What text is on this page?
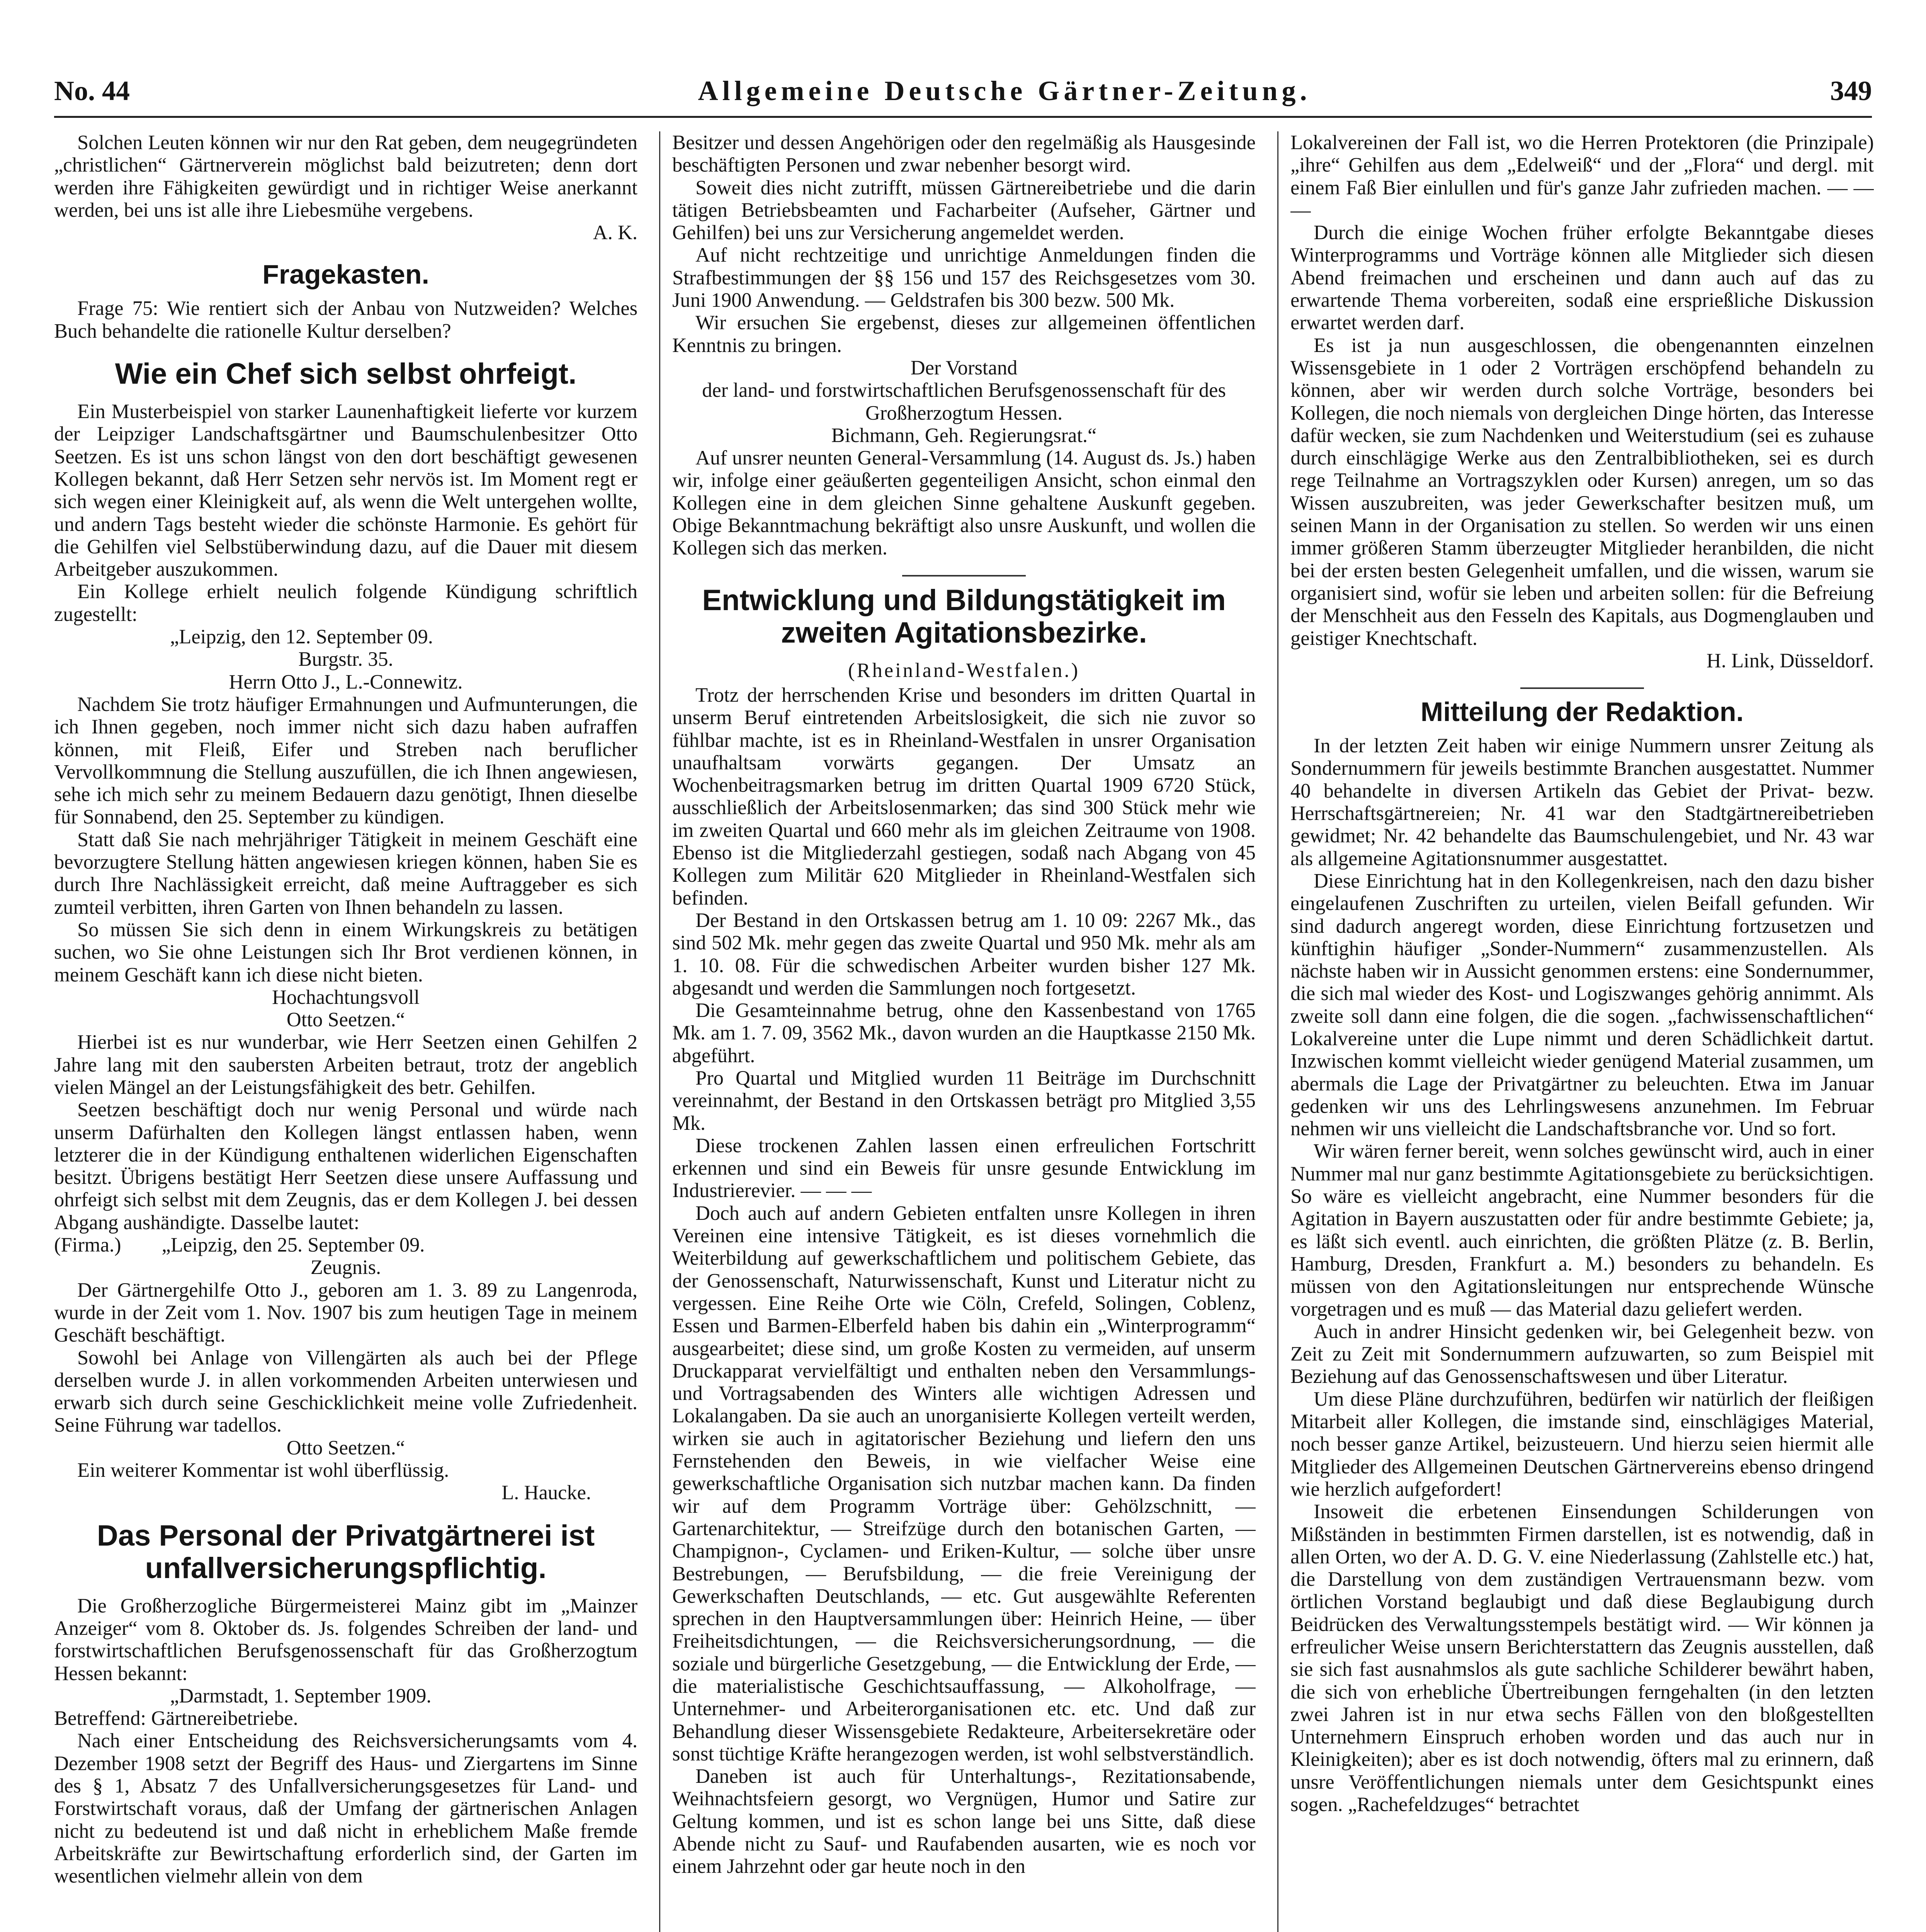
No. 44	Allgemeine Deutsche Gärtner-Zeitung.	349

Solchen Leuten können wir nur den Rat geben, dem neugegründeten „christlichen“ Gärtnerverein möglichst bald beizutreten; denn dort werden ihre Fähigkeiten gewürdigt und in richtiger Weise anerkannt werden, bei uns ist alle ihre Liebesmühe vergebens.

A. K.

Fragekasten.

Frage 75: Wie rentiert sich der Anbau von Nutzweiden? Welches Buch behandelte die rationelle Kultur derselben?

Wie ein Chef sich selbst ohrfeigt.

Ein Musterbeispiel von starker Launenhaftigkeit lieferte vor kurzem der Leipziger Landschaftsgärtner und Baumschulenbesitzer Otto Seetzen. Es ist uns schon längst von den dort beschäftigt gewesenen Kollegen bekannt, daß Herr Setzen sehr nervös ist. Im Moment regt er sich wegen einer Kleinigkeit auf, als wenn die Welt untergehen wollte, und andern Tags besteht wieder die schönste Harmonie. Es gehört für die Gehilfen viel Selbstüberwindung dazu, auf die Dauer mit diesem Arbeitgeber auszukommen.

Ein Kollege erhielt neulich folgende Kündigung schriftlich zugestellt:

„Leipzig, den 12. September 09.

Burgstr. 35.

Herrn Otto J., L.-Connewitz.

Nachdem Sie trotz häufiger Ermahnungen und Aufmunterungen, die ich Ihnen gegeben, noch immer nicht sich dazu haben aufraffen können, mit Fleiß, Eifer und Streben nach beruflicher Vervollkommnung die Stellung auszufüllen, die ich Ihnen angewiesen, sehe ich mich sehr zu meinem Bedauern dazu genötigt, Ihnen dieselbe für Sonnabend, den 25. September zu kündigen.

Statt daß Sie nach mehrjähriger Tätigkeit in meinem Geschäft eine bevorzugtere Stellung hätten angewiesen kriegen können, haben Sie es durch Ihre Nachlässigkeit erreicht, daß meine Auftraggeber es sich zumteil verbitten, ihren Garten von Ihnen behandeln zu lassen.

So müssen Sie sich denn in einem Wirkungskreis zu betätigen suchen, wo Sie ohne Leistungen sich Ihr Brot verdienen können, in meinem Geschäft kann ich diese nicht bieten.

Hochachtungsvoll

Otto Seetzen.“

Hierbei ist es nur wunderbar, wie Herr Seetzen einen Gehilfen 2 Jahre lang mit den saubersten Arbeiten betraut, trotz der angeblich vielen Mängel an der Leistungsfähigkeit des betr. Gehilfen.

Seetzen beschäftigt doch nur wenig Personal und würde nach unserm Dafürhalten den Kollegen längst entlassen haben, wenn letzterer die in der Kündigung enthaltenen widerlichen Eigenschaften besitzt. Übrigens bestätigt Herr Seetzen diese unsere Auffassung und ohrfeigt sich selbst mit dem Zeugnis, das er dem Kollegen J. bei dessen Abgang aushändigte. Dasselbe lautet:

(Firma.)        „Leipzig, den 25. September 09.

Zeugnis.

Der Gärtnergehilfe Otto J., geboren am 1. 3. 89 zu Langenroda, wurde in der Zeit vom 1. Nov. 1907 bis zum heutigen Tage in meinem Geschäft beschäftigt.

Sowohl bei Anlage von Villengärten als auch bei der Pflege derselben wurde J. in allen vorkommenden Arbeiten unterwiesen und erwarb sich durch seine Geschicklichkeit meine volle Zufriedenheit. Seine Führung war tadellos.

Otto Seetzen.“

Ein weiterer Kommentar ist wohl überflüssig.

L. Haucke.

Das Personal der Privatgärtnerei ist unfallversicherungspflichtig.

Die Großherzogliche Bürgermeisterei Mainz gibt im „Mainzer Anzeiger“ vom 8. Oktober ds. Js. folgendes Schreiben der land- und forstwirtschaftlichen Berufsgenossenschaft für das Großherzogtum Hessen bekannt:

„Darmstadt, 1. September 1909.

Betreffend: Gärtnereibetriebe.

Nach einer Entscheidung des Reichsversicherungsamts vom 4. Dezember 1908 setzt der Begriff des Haus- und Ziergartens im Sinne des § 1, Absatz 7 des Unfallversicherungsgesetzes für Land- und Forstwirtschaft voraus, daß der Umfang der gärtnerischen Anlagen nicht zu bedeutend ist und daß nicht in erheblichem Maße fremde Arbeitskräfte zur Bewirtschaftung erforderlich sind, der Garten im wesentlichen vielmehr allein von dem

Besitzer und dessen Angehörigen oder den regelmäßig als Hausgesinde beschäftigten Personen und zwar nebenher besorgt wird.

Soweit dies nicht zutrifft, müssen Gärtnereibetriebe und die darin tätigen Betriebsbeamten und Facharbeiter (Aufseher, Gärtner und Gehilfen) bei uns zur Versicherung angemeldet werden.

Auf nicht rechtzeitige und unrichtige Anmeldungen finden die Strafbestimmungen der §§ 156 und 157 des Reichsgesetzes vom 30. Juni 1900 Anwendung. — Geldstrafen bis 300 bezw. 500 Mk.

Wir ersuchen Sie ergebenst, dieses zur allgemeinen öffentlichen Kenntnis zu bringen.

Der Vorstand

der land- und forstwirtschaftlichen Berufsgenossenschaft für des Großherzogtum Hessen.

Bichmann, Geh. Regierungsrat.“

Auf unsrer neunten General-Versammlung (14. August ds. Js.) haben wir, infolge einer geäußerten gegenteiligen Ansicht, schon einmal den Kollegen eine in dem gleichen Sinne gehaltene Auskunft gegeben. Obige Bekanntmachung bekräftigt also unsre Auskunft, und wollen die Kollegen sich das merken.

Entwicklung und Bildungstätigkeit im zweiten Agitationsbezirke.

(Rheinland-Westfalen.)

Trotz der herrschenden Krise und besonders im dritten Quartal in unserm Beruf eintretenden Arbeitslosigkeit, die sich nie zuvor so fühlbar machte, ist es in Rheinland-Westfalen in unsrer Organisation unaufhaltsam vorwärts gegangen. Der Umsatz an Wochenbeitragsmarken betrug im dritten Quartal 1909 6720 Stück, ausschließlich der Arbeitslosenmarken; das sind 300 Stück mehr wie im zweiten Quartal und 660 mehr als im gleichen Zeitraume von 1908. Ebenso ist die Mitgliederzahl gestiegen, sodaß nach Abgang von 45 Kollegen zum Militär 620 Mitglieder in Rheinland-Westfalen sich befinden.

Der Bestand in den Ortskassen betrug am 1. 10 09: 2267 Mk., das sind 502 Mk. mehr gegen das zweite Quartal und 950 Mk. mehr als am 1. 10. 08. Für die schwedischen Arbeiter wurden bisher 127 Mk. abgesandt und werden die Sammlungen noch fortgesetzt.

Die Gesamteinnahme betrug, ohne den Kassenbestand von 1765 Mk. am 1. 7. 09, 3562 Mk., davon wurden an die Hauptkasse 2150 Mk. abgeführt.

Pro Quartal und Mitglied wurden 11 Beiträge im Durchschnitt vereinnahmt, der Bestand in den Ortskassen beträgt pro Mitglied 3,55 Mk.

Diese trockenen Zahlen lassen einen erfreulichen Fortschritt erkennen und sind ein Beweis für unsre gesunde Entwicklung im Industrierevier. — — —

Doch auch auf andern Gebieten entfalten unsre Kollegen in ihren Vereinen eine intensive Tätigkeit, es ist dieses vornehmlich die Weiterbildung auf gewerkschaftlichem und politischem Gebiete, das der Genossenschaft, Naturwissenschaft, Kunst und Literatur nicht zu vergessen. Eine Reihe Orte wie Cöln, Crefeld, Solingen, Coblenz, Essen und Barmen-Elberfeld haben bis dahin ein „Winterprogramm“ ausgearbeitet; diese sind, um große Kosten zu vermeiden, auf unserm Druckapparat vervielfältigt und enthalten neben den Versammlungs- und Vortragsabenden des Winters alle wichtigen Adressen und Lokalangaben. Da sie auch an unorganisierte Kollegen verteilt werden, wirken sie auch in agitatorischer Beziehung und liefern den uns Fernstehenden den Beweis, in wie vielfacher Weise eine gewerkschaftliche Organisation sich nutzbar machen kann. Da finden wir auf dem Programm Vorträge über: Gehölzschnitt, — Gartenarchitektur, — Streifzüge durch den botanischen Garten, — Champignon-, Cyclamen- und Eriken-Kultur, — solche über unsre Bestrebungen, — Berufsbildung, — die freie Vereinigung der Gewerkschaften Deutschlands, — etc. Gut ausgewählte Referenten sprechen in den Hauptversammlungen über: Heinrich Heine, — über Freiheitsdichtungen, — die Reichsversicherungsordnung, — die soziale und bürgerliche Gesetzgebung, — die Entwicklung der Erde, — die materialistische Geschichtsauffassung, — Alkoholfrage, — Unternehmer- und Arbeiterorganisationen etc. etc. Und daß zur Behandlung dieser Wissensgebiete Redakteure, Arbeitersekretäre oder sonst tüchtige Kräfte herangezogen werden, ist wohl selbstverständlich.

Daneben ist auch für Unterhaltungs-, Rezitationsabende, Weihnachtsfeiern gesorgt, wo Vergnügen, Humor und Satire zur Geltung kommen, und ist es schon lange bei uns Sitte, daß diese Abende nicht zu Sauf- und Raufabenden ausarten, wie es noch vor einem Jahrzehnt oder gar heute noch in den

Lokalvereinen der Fall ist, wo die Herren Protektoren (die Prinzipale) „ihre“ Gehilfen aus dem „Edelweiß“ und der „Flora“ und dergl. mit einem Faß Bier einlullen und für's ganze Jahr zufrieden machen. — — —

Durch die einige Wochen früher erfolgte Bekanntgabe dieses Winterprogramms und Vorträge können alle Mitglieder sich diesen Abend freimachen und erscheinen und dann auch auf das zu erwartende Thema vorbereiten, sodaß eine ersprießliche Diskussion erwartet werden darf.

Es ist ja nun ausgeschlossen, die obengenannten einzelnen Wissensgebiete in 1 oder 2 Vorträgen erschöpfend behandeln zu können, aber wir werden durch solche Vorträge, besonders bei Kollegen, die noch niemals von dergleichen Dinge hörten, das Interesse dafür wecken, sie zum Nachdenken und Weiterstudium (sei es zuhause durch einschlägige Werke aus den Zentralbibliotheken, sei es durch rege Teilnahme an Vortragszyklen oder Kursen) anregen, um so das Wissen auszubreiten, was jeder Gewerkschafter besitzen muß, um seinen Mann in der Organisation zu stellen. So werden wir uns einen immer größeren Stamm überzeugter Mitglieder heranbilden, die nicht bei der ersten besten Gelegenheit umfallen, und die wissen, warum sie organisiert sind, wofür sie leben und arbeiten sollen: für die Befreiung der Menschheit aus den Fesseln des Kapitals, aus Dogmenglauben und geistiger Knechtschaft.

H. Link, Düsseldorf.

Mitteilung der Redaktion.

In der letzten Zeit haben wir einige Nummern unsrer Zeitung als Sondernummern für jeweils bestimmte Branchen ausgestattet. Nummer 40 behandelte in diversen Artikeln das Gebiet der Privat- bezw. Herrschaftsgärtnereien; Nr. 41 war den Stadtgärtnereibetrieben gewidmet; Nr. 42 behandelte das Baumschulengebiet, und Nr. 43 war als allgemeine Agitationsnummer ausgestattet.

Diese Einrichtung hat in den Kollegenkreisen, nach den dazu bisher eingelaufenen Zuschriften zu urteilen, vielen Beifall gefunden. Wir sind dadurch angeregt worden, diese Einrichtung fortzusetzen und künftighin häufiger „Sonder-Nummern“ zusammenzustellen. Als nächste haben wir in Aussicht genommen erstens: eine Sondernummer, die sich mal wieder des Kost- und Logiszwanges gehörig annimmt. Als zweite soll dann eine folgen, die die sogen. „fachwissenschaftlichen“ Lokalvereine unter die Lupe nimmt und deren Schädlichkeit dartut. Inzwischen kommt vielleicht wieder genügend Material zusammen, um abermals die Lage der Privatgärtner zu beleuchten. Etwa im Januar gedenken wir uns des Lehrlingswesens anzunehmen. Im Februar nehmen wir uns vielleicht die Landschaftsbranche vor. Und so fort.

Wir wären ferner bereit, wenn solches gewünscht wird, auch in einer Nummer mal nur ganz bestimmte Agitationsgebiete zu berücksichtigen. So wäre es vielleicht angebracht, eine Nummer besonders für die Agitation in Bayern auszustatten oder für andre bestimmte Gebiete; ja, es läßt sich eventl. auch einrichten, die größten Plätze (z. B. Berlin, Hamburg, Dresden, Frankfurt a. M.) besonders zu behandeln. Es müssen von den Agitationsleitungen nur entsprechende Wünsche vorgetragen und es muß — das Material dazu geliefert werden.

Auch in andrer Hinsicht gedenken wir, bei Gelegenheit bezw. von Zeit zu Zeit mit Sondernummern aufzuwarten, so zum Beispiel mit Beziehung auf das Genossenschaftswesen und über Literatur.

Um diese Pläne durchzuführen, bedürfen wir natürlich der fleißigen Mitarbeit aller Kollegen, die imstande sind, einschlägiges Material, noch besser ganze Artikel, beizusteuern. Und hierzu seien hiermit alle Mitglieder des Allgemeinen Deutschen Gärtnervereins ebenso dringend wie herzlich aufgefordert!

Insoweit die erbetenen Einsendungen Schilderungen von Mißständen in bestimmten Firmen darstellen, ist es notwendig, daß in allen Orten, wo der A. D. G. V. eine Niederlassung (Zahlstelle etc.) hat, die Darstellung von dem zuständigen Vertrauensmann bezw. vom örtlichen Vorstand beglaubigt und daß diese Beglaubigung durch Beidrücken des Verwaltungsstempels bestätigt wird. — Wir können ja erfreulicher Weise unsern Berichterstattern das Zeugnis ausstellen, daß sie sich fast ausnahmslos als gute sachliche Schilderer bewährt haben, die sich von erhebliche Übertreibungen ferngehalten (in den letzten zwei Jahren ist in nur etwa sechs Fällen von den bloßgestellten Unternehmern Einspruch erhoben worden und das auch nur in Kleinigkeiten); aber es ist doch notwendig, öfters mal zu erinnern, daß unsre Veröffentlichungen niemals unter dem Gesichtspunkt eines sogen. „Rachefeldzuges“ betrachtet
